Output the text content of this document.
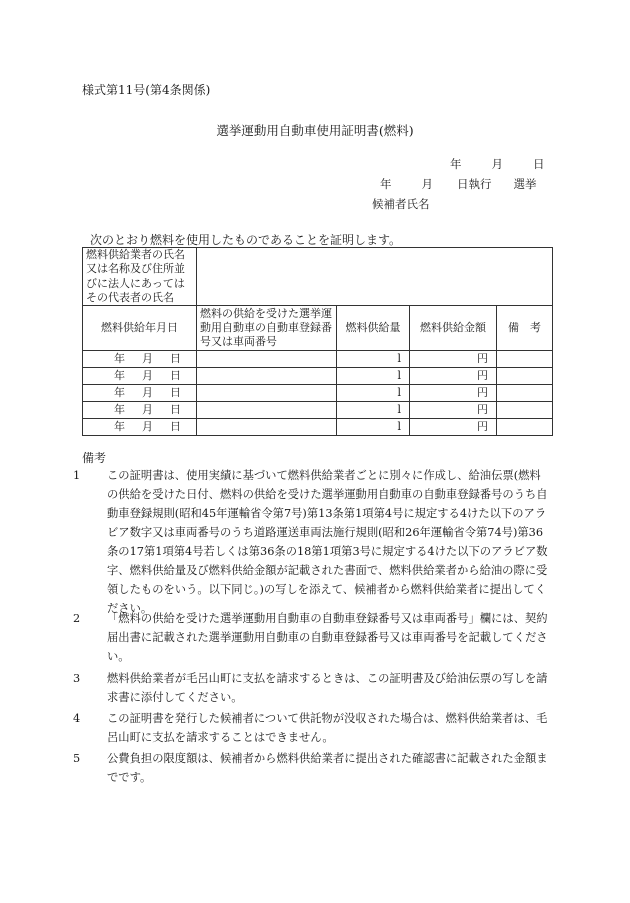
様式第11号(第4条関係)
選挙運動用自動車使用証明書(燃料)
年	月	日
年	月 日執行 選挙
候補者氏名
次のとおり燃料を使用したものであることを証明します。
燃料供給業者の氏名又は名称及び住所並びに法人にあってはその代表者の氏名				
燃料供給年月日	燃料の供給を受けた選挙運動用自動車の自動車登録番号又は車両番号	燃料供給量	燃料供給金額	備　考

年 月 日		l	円	

年 月 日		l	円	

年 月 日		l	円	

年 月 日		l	円	

年 月 日		l	円	
備考
1 この証明書は、使用実績に基づいて燃料供給業者ごとに別々に作成し、給油伝票(燃料の供給を受けた日付、燃料の供給を受けた選挙運動用自動車の自動車登録番号のうち自動車登録規則(昭和45年運輸省令第7号)第13条第1項第4号に規定する4けた以下のアラビア数字又は車両番号のうち道路運送車両法施行規則(昭和26年運輸省令第74号)第36条の17第1項第4号若しくは第36条の18第1項第3号に規定する4けた以下のアラビア数字、燃料供給量及び燃料供給金額が記載された書面で、燃料供給業者から給油の際に受領したものをいう。以下同じ。)の写しを添えて、候補者から燃料供給業者に提出してください。
2 「燃料の供給を受けた選挙運動用自動車の自動車登録番号又は車両番号」欄には、契約届出書に記載された選挙運動用自動車の自動車登録番号又は車両番号を記載してください。
3 燃料供給業者が毛呂山町に支払を請求するときは、この証明書及び給油伝票の写しを請求書に添付してください。
4 この証明書を発行した候補者について供託物が没収された場合は、燃料供給業者は、毛呂山町に支払を請求することはできません。
5 公費負担の限度額は、候補者から燃料供給業者に提出された確認書に記載された金額までです。
